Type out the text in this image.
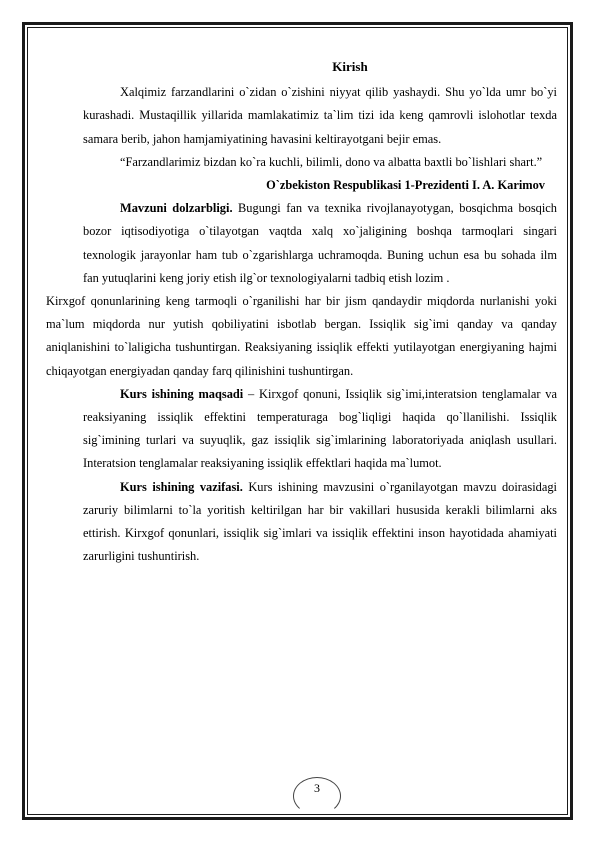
Kirish

Xalqimiz farzandlarini o`zidan o`zishini niyyat qilib yashaydi. Shu yo`lda umr bo`yi kurashadi. Mustaqillik yillarida mamlakatimiz ta`lim tizi ida keng qamrovli islohotlar texda samara berib, jahon hamjamiyatining havasini keltirayotgani bejir emas.

“Farzandlarimiz bizdan ko`ra kuchli, bilimli, dono va albatta baxtli bo`lishlari shart.”

O`zbekiston Respublikasi 1-Prezidenti I. A. Karimov

Mavzuni dolzarbligi. Bugungi fan va texnika rivojlanayotygan, bosqichma bosqich bozor iqtisodiyotiga o`tilayotgan vaqtda xalq xo`jaligining boshqa tarmoqlari singari texnologik jarayonlar ham tub o`zgarishlarga uchramoqda. Buning uchun esa bu sohada ilm fan yutuqlarini keng joriy etish ilg`or texnologiyalarni tadbiq etish lozim .

Kirxgof qonunlarining keng tarmoqli o`rganilishi har bir jism qandaydir miqdorda nurlanishi yoki ma`lum miqdorda nur yutish qobiliyatini isbotlab bergan. Issiqlik sig`imi qanday va qanday aniqlanishini to`laligicha tushuntirgan. Reaksiyaning issiqlik effekti yutilayotgan energiyaning hajmi chiqayotgan energiyadan qanday farq qilinishini tushuntirgan.

Kurs ishining maqsadi – Kirxgof qonuni, Issiqlik sig`imi,interatsion tenglamalar va reaksiyaning issiqlik effektini temperaturaga bog`liqligi haqida qo`llanilishi. Issiqlik sig`imining turlari va suyuqlik, gaz issiqlik sig`imlarining laboratoriyada aniqlash usullari. Interatsion tenglamalar reaksiyaning issiqlik effektlari haqida ma`lumot.

Kurs ishining vazifasi. Kurs ishining mavzusini o`rganilayotgan mavzu doirasidagi zaruriy bilimlarni to`la yoritish keltirilgan har bir vakillari hususida kerakli bilimlarni aks ettirish. Kirxgof qonunlari, issiqlik sig`imlari va issiqlik effektini inson hayotidada ahamiyati zarurligini tushuntirish.

3
